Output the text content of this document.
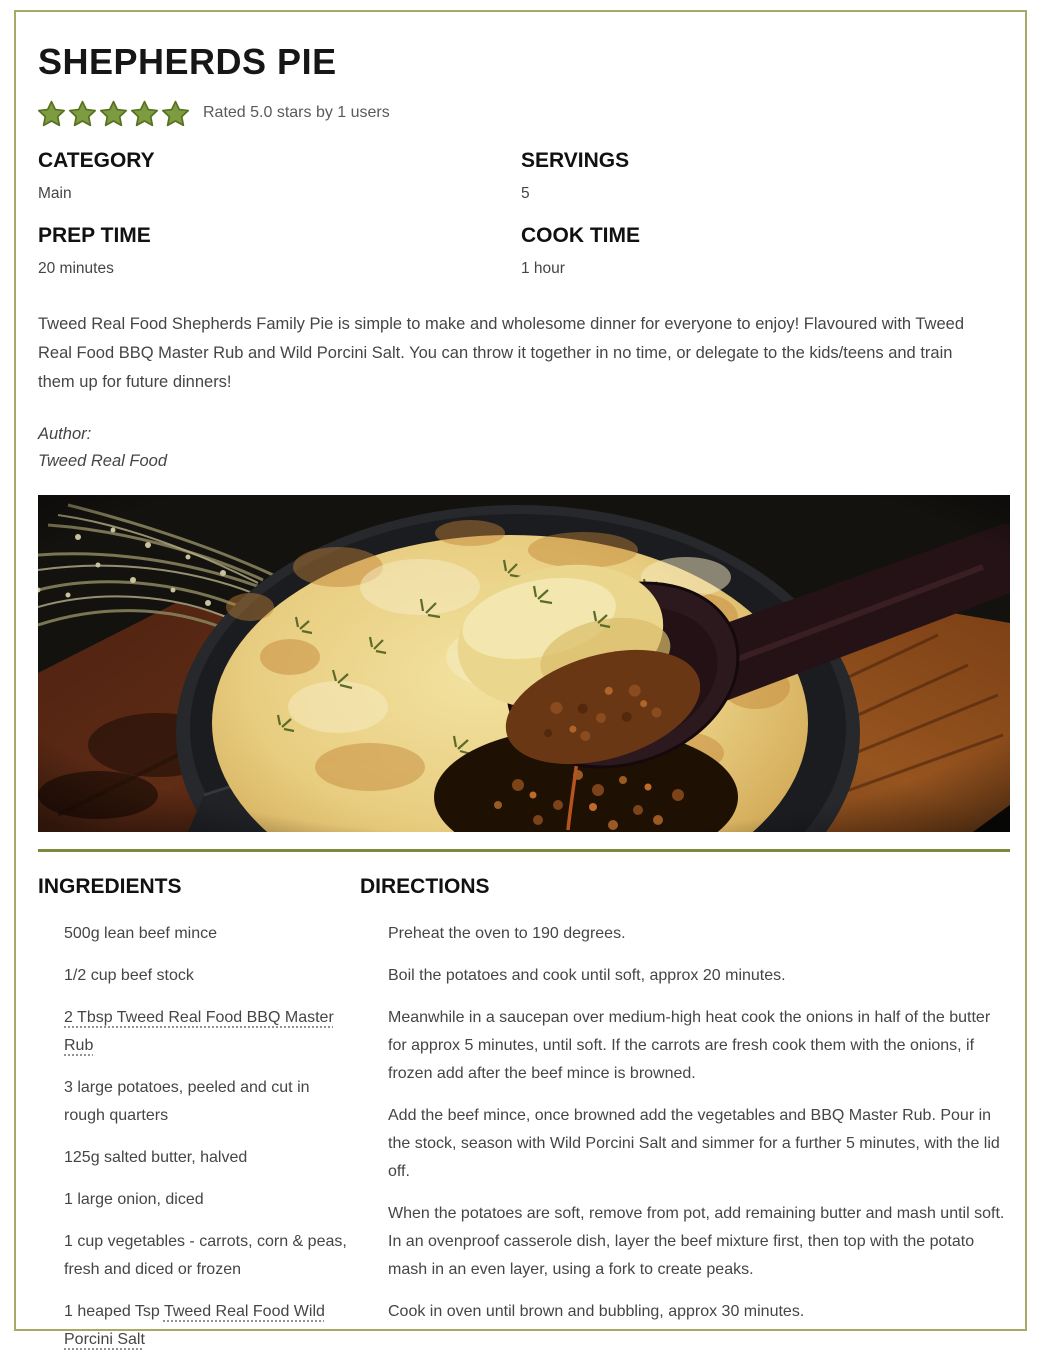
SHEPHERDS PIE
Rated 5.0 stars by 1 users
CATEGORY
Main
SERVINGS
5
PREP TIME
20 minutes
COOK TIME
1 hour

Tweed Real Food Shepherds Family Pie is simple to make and wholesome dinner for everyone to enjoy! Flavoured with Tweed Real Food BBQ Master Rub and Wild Porcini Salt. You can throw it together in no time, or delegate to the kids/teens and train them up for future dinners!

Author:
Tweed Real Food
INGREDIENTS
500g lean beef mince
1/2 cup beef stock
2 Tbsp Tweed Real Food BBQ Master Rub
3 large potatoes, peeled and cut in rough quarters
125g salted butter, halved
1 large onion, diced
1 cup vegetables - carrots, corn & peas, fresh and diced or frozen
1 heaped Tsp Tweed Real Food Wild Porcini Salt
DIRECTIONS

Preheat the oven to 190 degrees.

Boil the potatoes and cook until soft, approx 20 minutes.

Meanwhile in a saucepan over medium-high heat cook the onions in half of the butter for approx 5 minutes, until soft. If the carrots are fresh cook them with the onions, if frozen add after the beef mince is browned.

Add the beef mince, once browned add the vegetables and BBQ Master Rub. Pour in the stock, season with Wild Porcini Salt and simmer for a further 5 minutes, with the lid off.

When the potatoes are soft, remove from pot, add remaining butter and mash until soft. In an ovenproof casserole dish, layer the beef mixture first, then top with the potato mash in an even layer, using a fork to create peaks.

Cook in oven until brown and bubbling, approx 30 minutes.
